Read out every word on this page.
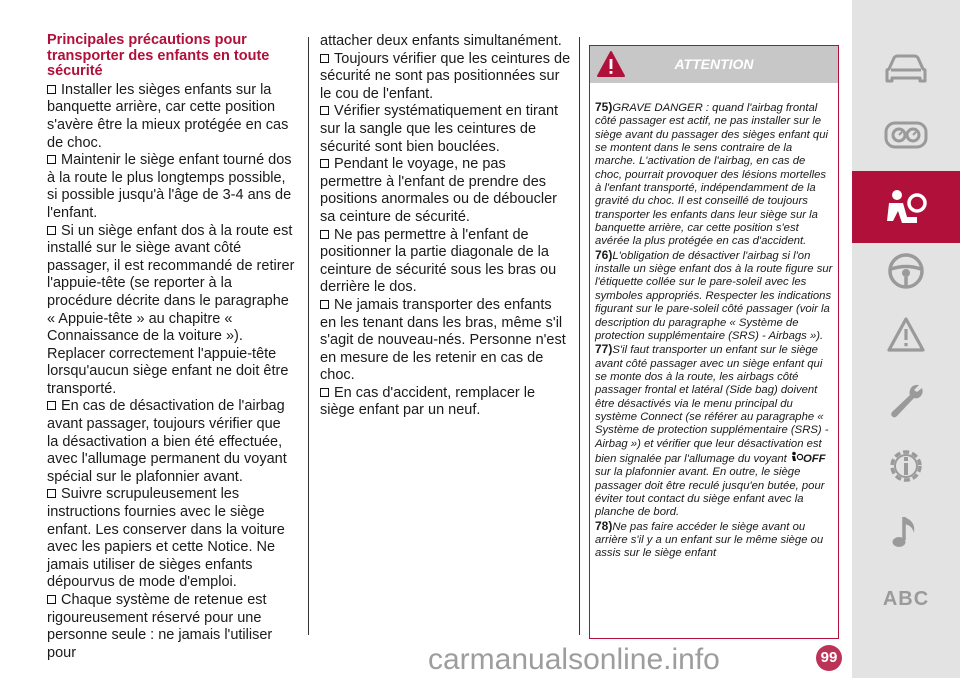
Principales précautions pour transporter des enfants en toute sécurité

Installer les sièges enfants sur la banquette arrière, car cette position s'avère être la mieux protégée en cas de choc.

Maintenir le siège enfant tourné dos à la route le plus longtemps possible, si possible jusqu'à l'âge de 3-4 ans de l'enfant.

Si un siège enfant dos à la route est installé sur le siège avant côté passager, il est recommandé de retirer l'appuie-tête (se reporter à la procédure décrite dans le paragraphe « Appuie-tête » au chapitre « Connaissance de la voiture »). Replacer correctement l'appuie-tête lorsqu'aucun siège enfant ne doit être transporté.

En cas de désactivation de l'airbag avant passager, toujours vérifier que la désactivation a bien été effectuée, avec l'allumage permanent du voyant spécial sur le plafonnier avant.

Suivre scrupuleusement les instructions fournies avec le siège enfant. Les conserver dans la voiture avec les papiers et cette Notice. Ne jamais utiliser de sièges enfants dépourvus de mode d'emploi.

Chaque système de retenue est rigoureusement réservé pour une personne seule : ne jamais l'utiliser pour

attacher deux enfants simultanément.

Toujours vérifier que les ceintures de sécurité ne sont pas positionnées sur le cou de l'enfant.

Vérifier systématiquement en tirant sur la sangle que les ceintures de sécurité sont bien bouclées.

Pendant le voyage, ne pas permettre à l'enfant de prendre des positions anormales ou de déboucler sa ceinture de sécurité.

Ne pas permettre à l'enfant de positionner la partie diagonale de la ceinture de sécurité sous les bras ou derrière le dos.

Ne jamais transporter des enfants en les tenant dans les bras, même s'il s'agit de nouveau-nés. Personne n'est en mesure de les retenir en cas de choc.

En cas d'accident, remplacer le siège enfant par un neuf.

ATTENTION

75)GRAVE DANGER : quand l'airbag frontal côté passager est actif, ne pas installer sur le siège avant du passager des sièges enfant qui se montent dans le sens contraire de la marche. L'activation de l'airbag, en cas de choc, pourrait provoquer des lésions mortelles à l'enfant transporté, indépendamment de la gravité du choc. Il est conseillé de toujours transporter les enfants dans leur siège sur la banquette arrière, car cette position s'est avérée la plus protégée en cas d'accident.

76)L'obligation de désactiver l'airbag si l'on installe un siège enfant dos à la route figure sur l'étiquette collée sur le pare-soleil avec les symboles appropriés. Respecter les indications figurant sur le pare-soleil côté passager (voir la description du paragraphe « Système de protection supplémentaire (SRS) - Airbags »).

77)S'il faut transporter un enfant sur le siège avant côté passager avec un siège enfant qui se monte dos à la route, les airbags côté passager frontal et latéral (Side bag) doivent être désactivés via le menu principal du système Connect (se référer au paragraphe « Système de protection supplémentaire (SRS) - Airbag ») et vérifier que leur désactivation est bien signalée par l'allumage du voyant OFF sur la plafonnier avant. En outre, le siège passager doit être reculé jusqu'en butée, pour éviter tout contact du siège enfant avec la planche de bord.

78)Ne pas faire accéder le siège avant ou arrière s'il y a un enfant sur le même siège ou assis sur le siège enfant

ABC
carmanualsonline.info	99
